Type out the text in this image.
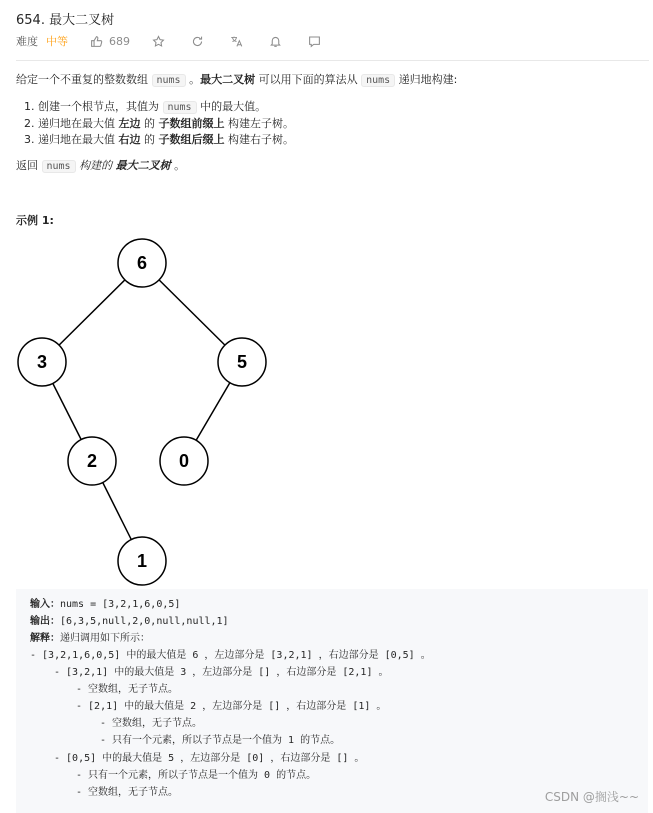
654. 最大二叉树
难度 中等	689
给定一个不重复的整数数组 nums 。最大二叉树 可以用下面的算法从 nums 递归地构建:
1. 创建一个根节点，其值为 nums 中的最大值。
2. 递归地在最大值 左边 的 子数组前缀上 构建左子树。
3. 递归地在最大值 右边 的 子数组后缀上 构建右子树。
返回 nums 构建的 最大二叉树 。
示例 1:
6
3	5
2	0
1
输入：nums = [3,2,1,6,0,5]
输出：[6,3,5,null,2,0,null,null,1]
解释：递归调用如下所示：
- [3,2,1,6,0,5] 中的最大值是 6 ，左边部分是 [3,2,1] ，右边部分是 [0,5] 。
- [3,2,1] 中的最大值是 3 ，左边部分是 [] ，右边部分是 [2,1] 。
- 空数组，无子节点。
- [2,1] 中的最大值是 2 ，左边部分是 [] ，右边部分是 [1] 。
- 空数组，无子节点。
- 只有一个元素，所以子节点是一个值为 1 的节点。
- [0,5] 中的最大值是 5 ，左边部分是 [0] ，右边部分是 [] 。
- 只有一个元素，所以子节点是一个值为 0 的节点。
- 空数组，无子节点。	CSDN @搁浅~~
